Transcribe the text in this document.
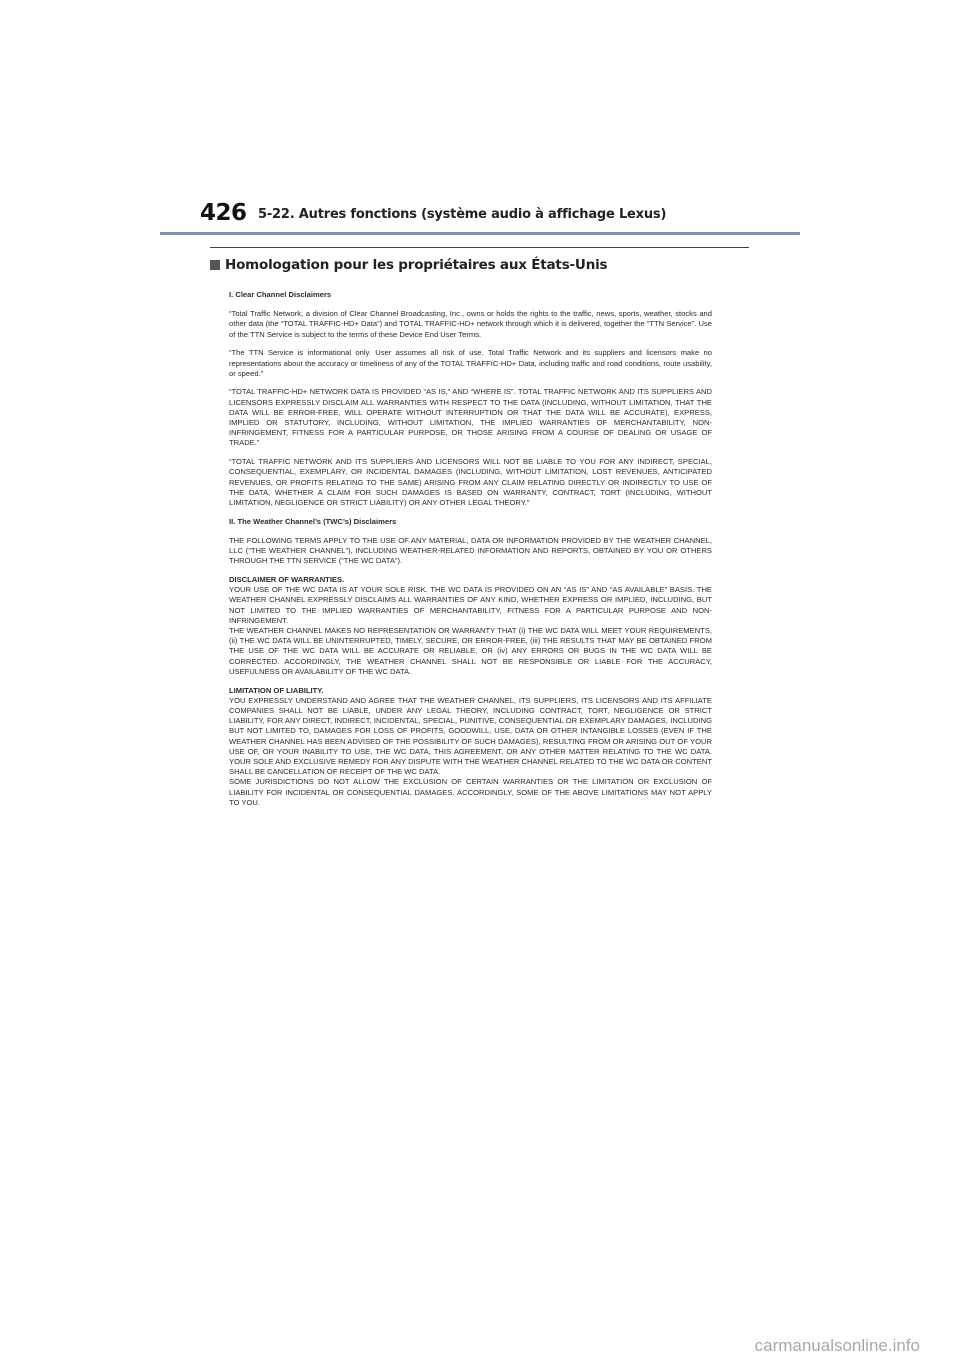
426 5-22. Autres fonctions (système audio à affichage Lexus)
Homologation pour les propriétaires aux États-Unis

I. Clear Channel Disclaimers

“Total Traffic Network, a division of Clear Channel Broadcasting, Inc., owns or holds the rights to the traffic, news, sports, weather, stocks and other data (the “TOTAL TRAFFIC-HD+ Data”) and TOTAL TRAFFIC-HD+ network through which it is delivered, together the “TTN Service”. Use of the TTN Service is subject to the terms of these Device End User Terms.

“The TTN Service is informational only. User assumes all risk of use. Total Traffic Network and its suppliers and licensors make no representations about the accuracy or timeliness of any of the TOTAL TRAFFIC-HD+ Data, including traffic and road conditions, route usability, or speed.”

“TOTAL TRAFFIC-HD+ NETWORK DATA IS PROVIDED “AS IS,” AND “WHERE IS”. TOTAL TRAFFIC NETWORK AND ITS SUPPLIERS AND LICENSORS EXPRESSLY DISCLAIM ALL WARRANTIES WITH RESPECT TO THE DATA (INCLUDING, WITHOUT LIMITATION, THAT THE DATA WILL BE ERROR-FREE, WILL OPERATE WITHOUT INTERRUPTION OR THAT THE DATA WILL BE ACCURATE), EXPRESS, IMPLIED OR STATUTORY, INCLUDING, WITHOUT LIMITATION, THE IMPLIED WARRANTIES OF MERCHANTABILITY, NON-INFRINGEMENT, FITNESS FOR A PARTICULAR PURPOSE, OR THOSE ARISING FROM A COURSE OF DEALING OR USAGE OF TRADE.”

“TOTAL TRAFFIC NETWORK AND ITS SUPPLIERS AND LICENSORS WILL NOT BE LIABLE TO YOU FOR ANY INDIRECT, SPECIAL, CONSEQUENTIAL, EXEMPLARY, OR INCIDENTAL DAMAGES (INCLUDING, WITHOUT LIMITATION, LOST REVENUES, ANTICIPATED REVENUES, OR PROFITS RELATING TO THE SAME) ARISING FROM ANY CLAIM RELATING DIRECTLY OR INDIRECTLY TO USE OF THE DATA, WHETHER A CLAIM FOR SUCH DAMAGES IS BASED ON WARRANTY, CONTRACT, TORT (INCLUDING, WITHOUT LIMITATION, NEGLIGENCE OR STRICT LIABILITY) OR ANY OTHER LEGAL THEORY.”

II. The Weather Channel’s (TWC’s) Disclaimers

THE FOLLOWING TERMS APPLY TO THE USE OF ANY MATERIAL, DATA OR INFORMATION PROVIDED BY THE WEATHER CHANNEL, LLC (“THE WEATHER CHANNEL”), INCLUDING WEATHER-RELATED INFORMATION AND REPORTS, OBTAINED BY YOU OR OTHERS THROUGH THE TTN SERVICE (“THE WC DATA”).

DISCLAIMER OF WARRANTIES.

YOUR USE OF THE WC DATA IS AT YOUR SOLE RISK. THE WC DATA IS PROVIDED ON AN “AS IS” AND “AS AVAILABLE” BASIS. THE WEATHER CHANNEL EXPRESSLY DISCLAIMS ALL WARRANTIES OF ANY KIND, WHETHER EXPRESS OR IMPLIED, INCLUDING, BUT NOT LIMITED TO THE IMPLIED WARRANTIES OF MERCHANTABILITY, FITNESS FOR A PARTICULAR PURPOSE AND NON-INFRINGEMENT.

THE WEATHER CHANNEL MAKES NO REPRESENTATION OR WARRANTY THAT (i) THE WC DATA WILL MEET YOUR REQUIREMENTS, (ii) THE WC DATA WILL BE UNINTERRUPTED, TIMELY, SECURE, OR ERROR-FREE, (iii) THE RESULTS THAT MAY BE OBTAINED FROM THE USE OF THE WC DATA WILL BE ACCURATE OR RELIABLE, OR (iv) ANY ERRORS OR BUGS IN THE WC DATA WILL BE CORRECTED. ACCORDINGLY, THE WEATHER CHANNEL SHALL NOT BE RESPONSIBLE OR LIABLE FOR THE ACCURACY, USEFULNESS OR AVAILABILITY OF THE WC DATA.

LIMITATION OF LIABILITY.

YOU EXPRESSLY UNDERSTAND AND AGREE THAT THE WEATHER CHANNEL, ITS SUPPLIERS, ITS LICENSORS AND ITS AFFILIATE COMPANIES SHALL NOT BE LIABLE, UNDER ANY LEGAL THEORY, INCLUDING CONTRACT, TORT, NEGLIGENCE OR STRICT LIABILITY, FOR ANY DIRECT, INDIRECT, INCIDENTAL, SPECIAL, PUNITIVE, CONSEQUENTIAL OR EXEMPLARY DAMAGES, INCLUDING BUT NOT LIMITED TO, DAMAGES FOR LOSS OF PROFITS, GOODWILL, USE, DATA OR OTHER INTANGIBLE LOSSES (EVEN IF THE WEATHER CHANNEL HAS BEEN ADVISED OF THE POSSIBILITY OF SUCH DAMAGES), RESULTING FROM OR ARISING OUT OF YOUR USE OF, OR YOUR INABILITY TO USE, THE WC DATA, THIS AGREEMENT, OR ANY OTHER MATTER RELATING TO THE WC DATA. YOUR SOLE AND EXCLUSIVE REMEDY FOR ANY DISPUTE WITH THE WEATHER CHANNEL RELATED TO THE WC DATA OR CONTENT SHALL BE CANCELLATION OF RECEIPT OF THE WC DATA.

SOME JURISDICTIONS DO NOT ALLOW THE EXCLUSION OF CERTAIN WARRANTIES OR THE LIMITATION OR EXCLUSION OF LIABILITY FOR INCIDENTAL OR CONSEQUENTIAL DAMAGES. ACCORDINGLY, SOME OF THE ABOVE LIMITATIONS MAY NOT APPLY TO YOU.

carmanualsonline.info
